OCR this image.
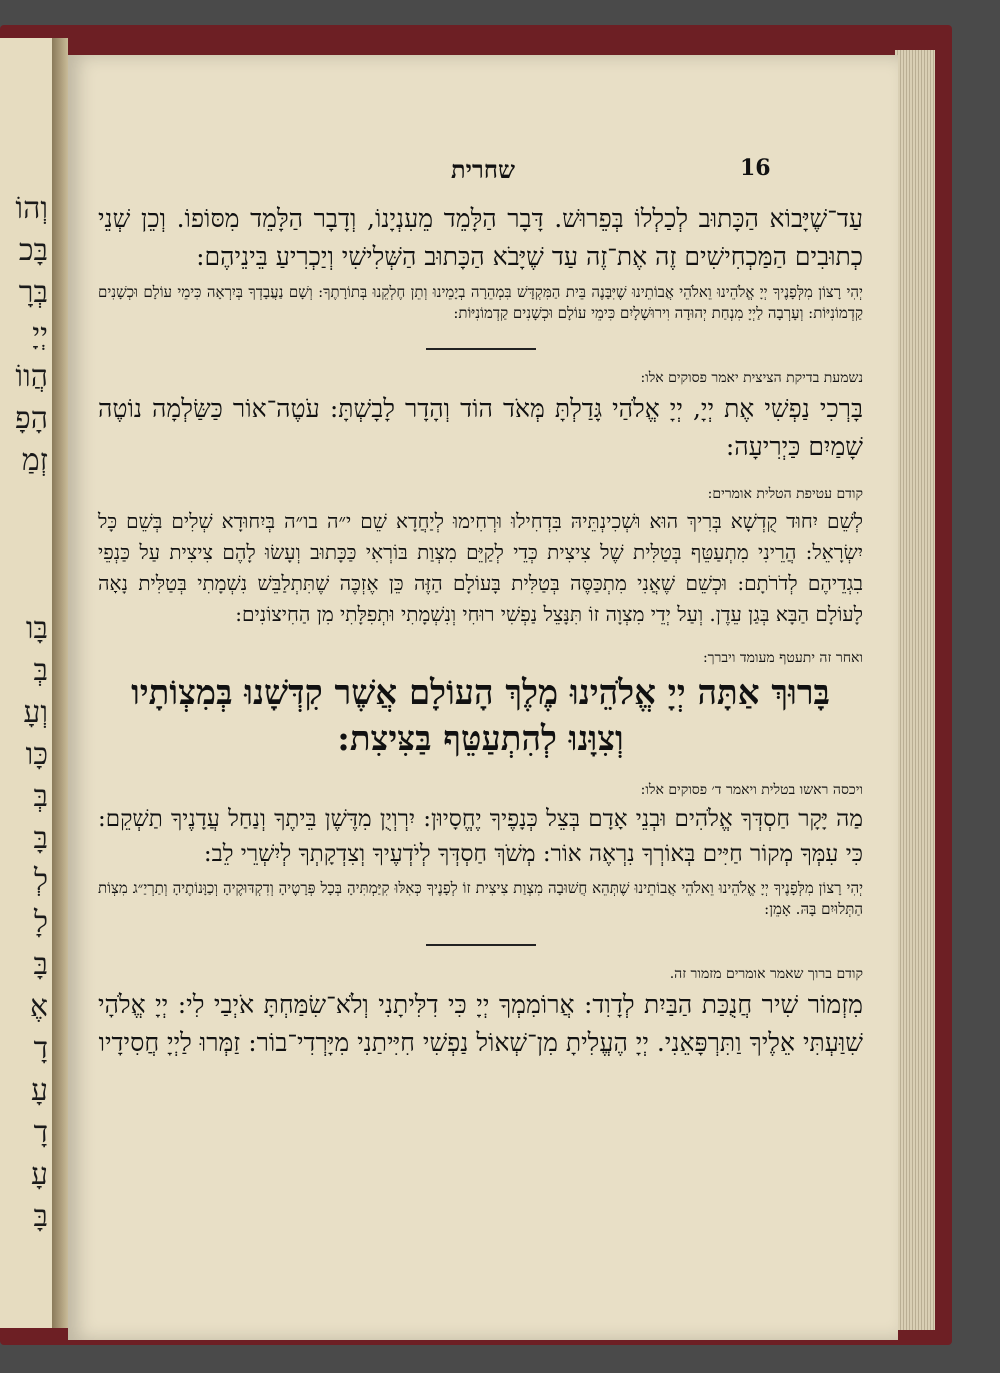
וְהוֹ
בָּכ
בְּרָ
יְיָ
הֲווֹ
הָפָ
זְמַ

בָּו
בְּ
וְעָ
כָּו
בְּ
בָּ
לְ
לָ
בָּ
אֶ
דָ
עָ
דָ
עָ
בָּ
שחרית	16

עַד־שֶׁיָּבוֹא הַכָּתוּב לְכַלְלוֹ בְּפֵרוּשׁ. דָּבָר הַלָּמֵד מֵעִנְיָנוֹ, וְדָבָר הַלָּמֵד מִסּוֹפוֹ. וְכֵן שְׁנֵי כְתוּבִים הַמַּכְחִישִׁים זֶה אֶת־זֶה עַד שֶׁיָּבֹא הַכָּתוּב הַשְּׁלִישִׁי וְיַכְרִיעַ בֵּינֵיהֶם:

יְהִי רָצוֹן מִלְּפָנֶיךָ יְיָ אֱלֹהֵינוּ וֵאלֹהֵי אֲבוֹתֵינוּ שֶׁיִּבָּנֶה בֵּית הַמִּקְדָּשׁ בִּמְהֵרָה בְיָמֵינוּ וְתֵן חֶלְקֵנוּ בְּתוֹרָתֶךָ: וְשָׁם נַעֲבָדְךָ בְּיִרְאָה כִּימֵי עוֹלָם וּכְשָׁנִים קַדְמוֹנִיּוֹת: וְעָרְבָה לַיְיָ מִנְחַת יְהוּדָה וִירוּשָׁלָיִם כִּימֵי עוֹלָם וּכְשָׁנִים קַדְמוֹנִיּוֹת:

נשמעת בדיקת הציצית יאמר פסוקים אלו:

בָּרְכִי נַפְשִׁי אֶת יְיָ, יְיָ אֱלֹהַי גָּדַלְתָּ מְּאֹד הוֹד וְהָדָר לָבָשְׁתָּ: עֹטֶה־אוֹר כַּשַּׂלְמָה נוֹטֶה שָׁמַיִם כַּיְרִיעָה:

קודם עטיפת הטלית אומרים:

לְשֵׁם יִחוּד קֻדְשָׁא בְּרִיךְ הוּא וּשְׁכִינְתֵּיהּ בִּדְחִילוּ וּרְחִימוּ לְיַחֲדָא שֵׁם י״ה בו״ה בְּיִחוּדָא שְׁלִים בְּשֵׁם כָּל יִשְׂרָאֵל: הֲרֵינִי מִתְעַטֵּף בְּטַלִּית שֶׁל צִיצִית כְּדֵי לְקַיֵּם מִצְוַת בּוֹרְאִי כַּכָּתוּב וְעָשׂוּ לָהֶם צִיצִית עַל כַּנְפֵי בִגְדֵיהֶם לְדֹרֹתָם: וּכְשֵׁם שֶׁאֲנִי מִתְכַּסֶּה בְּטַלִּית בָּעוֹלָם הַזֶּה כֵּן אֶזְכֶּה שֶׁתִּתְלַבֵּשׁ נִשְׁמָתִי בְּטַלִּית נָאָה לָעוֹלָם הַבָּא בְּגַן עֵדֶן. וְעַל יְדֵי מִצְוָה זוֹ תִּנָּצֵל נַפְשִׁי רוּחִי וְנִשְׁמָתִי וּתְפִלָּתִי מִן הַחִיצוֹנִים:

ואחר זה יתעטף מעומד ויברך:

בָּרוּךְ אַתָּה יְיָ אֱלֹהֵינוּ מֶלֶךְ הָעוֹלָם אֲשֶׁר קִדְּשָׁנוּ בְּמִצְוֹתָיו וְצִוָּנוּ לְהִתְעַטֵּף בַּצִּיצִת:

ויכסה ראשו בטלית ויאמר ד׳ פסוקים אלו:

מַה יָּקָר חַסְדְּךָ אֱלֹהִים וּבְנֵי אָדָם בְּצֵל כְּנָפֶיךָ יֶחֱסָיוּן: יִרְוְיֻן מִדֶּשֶׁן בֵּיתֶךָ וְנַחַל עֲדָנֶיךָ תַשְׁקֵם: כִּי עִמְּךָ מְקוֹר חַיִּים בְּאוֹרְךָ נִרְאֶה אוֹר: מְשֹׁךְ חַסְדְּךָ לְיֹדְעֶיךָ וְצִדְקָתְךָ לְיִשְׁרֵי לֵב:

יְהִי רָצוֹן מִלְּפָנֶיךָ יְיָ אֱלֹהֵינוּ וֵאלֹהֵי אֲבוֹתֵינוּ שֶׁתְּהֵא חֲשׁוּבָה מִצְוַת צִיצִית זוֹ לְפָנֶיךָ כְּאִלּוּ קִיַּמְתִּיהָ בְּכָל פְּרָטֶיהָ וְדִקְדּוּקֶיהָ וְכַוָּנוֹתֶיהָ וְתַרְיַ״ג מִצְוֹת הַתְּלוּיִם בָּהּ. אָמֵן:

קודם ברוך שאמר אומרים מזמור זה.

מִזְמוֹר שִׁיר חֲנֻכַּת הַבַּיִת לְדָוִד: אֲרוֹמִמְךָ יְיָ כִּי דִלִּיתָנִי וְלֹא־שִׂמַּחְתָּ אֹיְבַי לִי: יְיָ אֱלֹהָי שִׁוַּעְתִּי אֵלֶיךָ וַתִּרְפָּאֵנִי. יְיָ הֶעֱלִיתָ מִן־שְׁאוֹל נַפְשִׁי חִיִּיתַנִי מִיָּרְדִי־בוֹר: זַמְּרוּ לַיְיָ חֲסִידָיו
